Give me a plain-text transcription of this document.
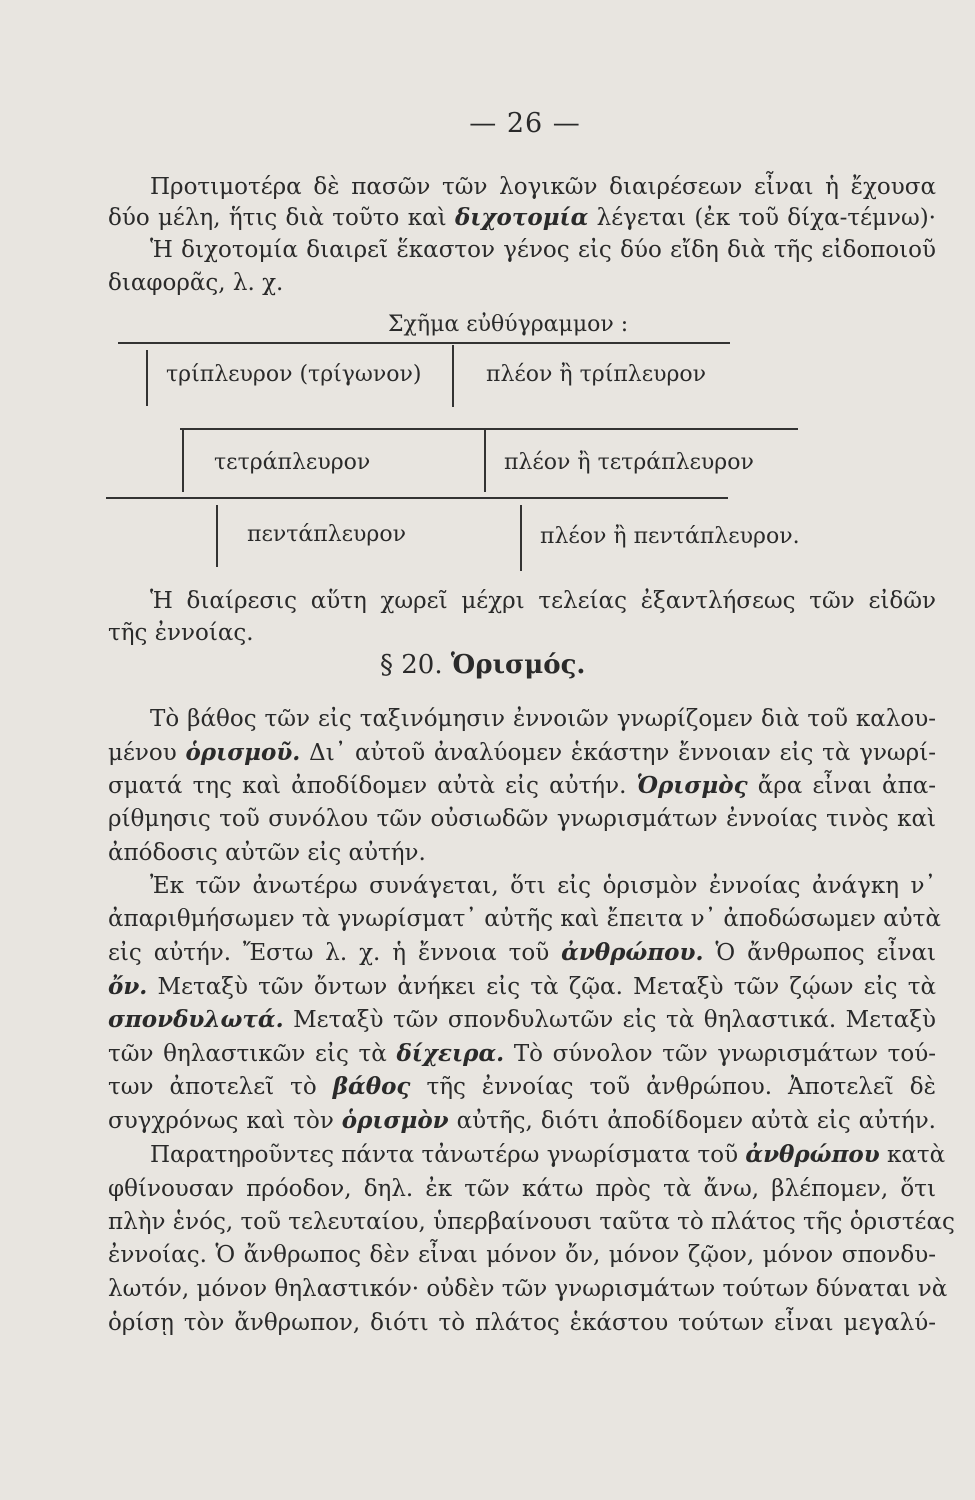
— 26 —
Προτιμοτέρα δὲ πασῶν τῶν λογικῶν διαιρέσεων εἶναι ἡ ἔχουσα
δύο μέλη, ἥτις διὰ τοῦτο καὶ διχοτομία λέγεται (ἐκ τοῦ δίχα-τέμνω)·
Ἡ διχοτομία διαιρεῖ ἕκαστον γένος εἰς δύο εἴδη διὰ τῆς εἰδοποιοῦ
διαφορᾶς, λ. χ.
Σχῆμα εὐθύγραμμον :
τρίπλευρον (τρίγωνον)	πλέον ἢ τρίπλευρον
τετράπλευρον	πλέον ἢ τετράπλευρον
πεντάπλευρον	πλέον ἢ πεντάπλευρον.
Ἡ διαίρεσις αὕτη χωρεῖ μέχρι τελείας ἐξαντλήσεως τῶν εἰδῶν
τῆς ἐννοίας.
§ 20. Ὁρισμός.
Τὸ βάθος τῶν εἰς ταξινόμησιν ἐννοιῶν γνωρίζομεν διὰ τοῦ καλου-
μένου ὁρισμοῦ. Δι᾽ αὐτοῦ ἀναλύομεν ἑκάστην ἔννοιαν εἰς τὰ γνωρί-
σματά της καὶ ἀποδίδομεν αὐτὰ εἰς αὐτήν. Ὁρισμὸς ἄρα εἶναι ἀπα-
ρίθμησις τοῦ συνόλου τῶν οὐσιωδῶν γνωρισμάτων ἐννοίας τινὸς καὶ
ἀπόδοσις αὐτῶν εἰς αὐτήν.
Ἐκ τῶν ἀνωτέρω συνάγεται, ὅτι εἰς ὁρισμὸν ἐννοίας ἀνάγκη ν᾽
ἀπαριθμήσωμεν τὰ γνωρίσματ᾽ αὐτῆς καὶ ἔπειτα ν᾽ ἀποδώσωμεν αὐτὰ
εἰς αὐτήν. Ἔστω λ. χ. ἡ ἔννοια τοῦ ἀνθρώπου. Ὁ ἄνθρωπος εἶναι
ὄν. Μεταξὺ τῶν ὄντων ἀνήκει εἰς τὰ ζῷα. Μεταξὺ τῶν ζῴων εἰς τὰ
σπονδυλωτά. Μεταξὺ τῶν σπονδυλωτῶν εἰς τὰ θηλαστικά. Μεταξὺ
τῶν θηλαστικῶν εἰς τὰ δίχειρα. Τὸ σύνολον τῶν γνωρισμάτων τού-
των ἀποτελεῖ τὸ βάθος τῆς ἐννοίας τοῦ ἀνθρώπου. Ἀποτελεῖ δὲ
συγχρόνως καὶ τὸν ὁρισμὸν αὐτῆς, διότι ἀποδίδομεν αὐτὰ εἰς αὐτήν.
Παρατηροῦντες πάντα τἀνωτέρω γνωρίσματα τοῦ ἀνθρώπου κατὰ
φθίνουσαν πρόοδον, δηλ. ἐκ τῶν κάτω πρὸς τὰ ἄνω, βλέπομεν, ὅτι
πλὴν ἑνός, τοῦ τελευταίου, ὑπερβαίνουσι ταῦτα τὸ πλάτος τῆς ὁριστέας
ἐννοίας. Ὁ ἄνθρωπος δὲν εἶναι μόνον ὄν, μόνον ζῷον, μόνον σπονδυ-
λωτόν, μόνον θηλαστικόν· οὐδὲν τῶν γνωρισμάτων τούτων δύναται νὰ
ὁρίσῃ τὸν ἄνθρωπον, διότι τὸ πλάτος ἑκάστου τούτων εἶναι μεγαλύ-
